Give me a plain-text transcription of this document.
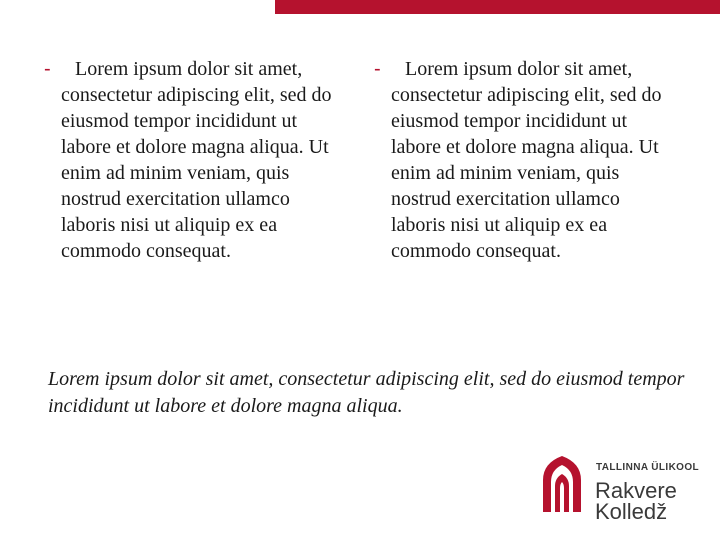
-	Lorem ipsum dolor sit amet, consectetur adipiscing elit, sed do eiusmod tempor incididunt ut labore et dolore magna aliqua. Ut enim ad minim veniam, quis nostrud exercitation ullamco laboris nisi ut aliquip ex ea commodo consequat.
-	Lorem ipsum dolor sit amet, consectetur adipiscing elit, sed do eiusmod tempor incididunt ut labore et dolore magna aliqua. Ut enim ad minim veniam, quis nostrud exercitation ullamco laboris nisi ut aliquip ex ea commodo consequat.
Lorem ipsum dolor sit amet, consectetur adipiscing elit, sed do eiusmod tempor incididunt ut labore et dolore magna aliqua.
TALLINNA ÜLIKOOL
Rakvere
Kolledž
